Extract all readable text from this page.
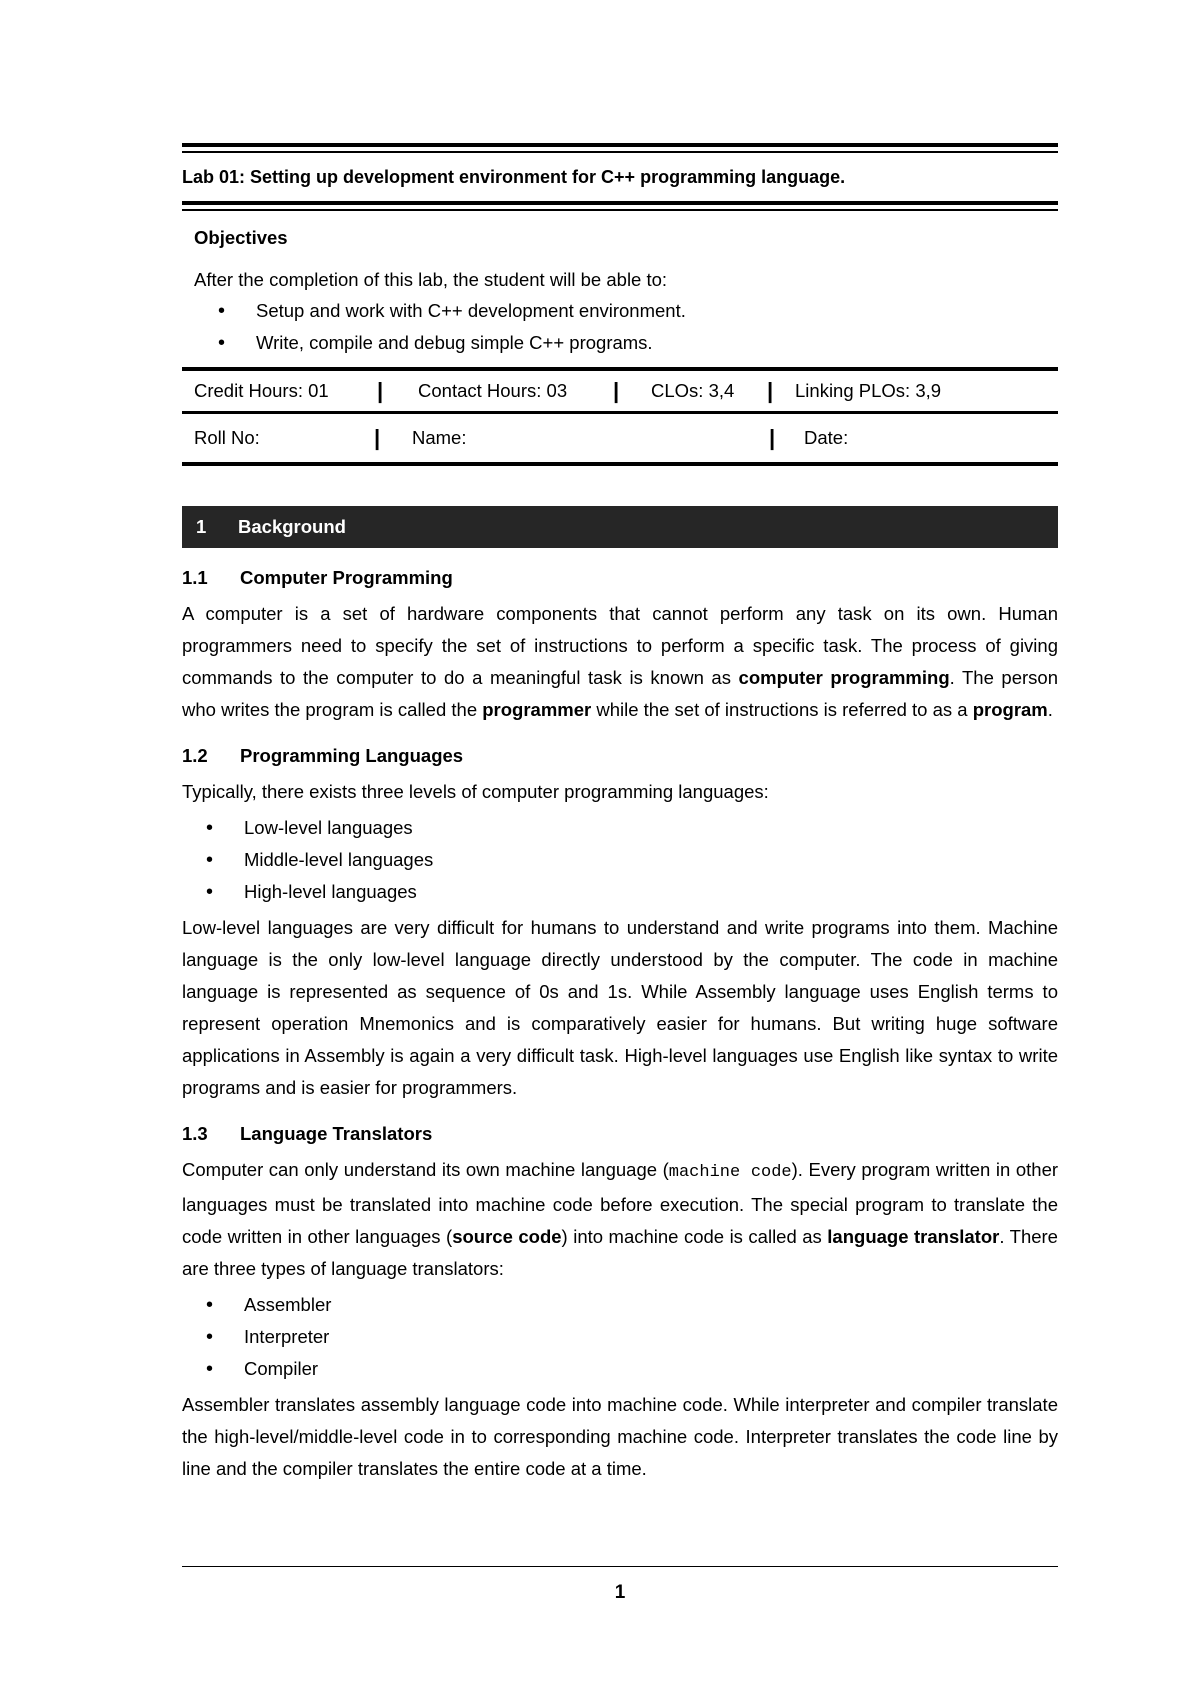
Lab 01: Setting up development environment for C++ programming language.
Objectives
After the completion of this lab, the student will be able to:
• Setup and work with C++ development environment.
• Write, compile and debug simple C++ programs.
Credit Hours: 01	|	Contact Hours: 03	|	CLOs: 3,4	|	Linking PLOs: 3,9
Roll No:	|	Name:	|	Date:
1	Background
1.1	Computer Programming

A computer is a set of hardware components that cannot perform any task on its own. Human programmers need to specify the set of instructions to perform a specific task. The process of giving commands to the computer to do a meaningful task is known as computer programming. The person who writes the program is called the programmer while the set of instructions is referred to as a program.

1.2	Programming Languages

Typically, there exists three levels of computer programming languages:

• Low-level languages
• Middle-level languages
• High-level languages

Low-level languages are very difficult for humans to understand and write programs into them. Machine language is the only low-level language directly understood by the computer. The code in machine language is represented as sequence of 0s and 1s. While Assembly language uses English terms to represent operation Mnemonics and is comparatively easier for humans. But writing huge software applications in Assembly is again a very difficult task. High-level languages use English like syntax to write programs and is easier for programmers.

1.3	Language Translators

Computer can only understand its own machine language (machine code). Every program written in other languages must be translated into machine code before execution. The special program to translate the code written in other languages (source code) into machine code is called as language translator. There are three types of language translators:

• Assembler
• Interpreter
• Compiler

Assembler translates assembly language code into machine code. While interpreter and compiler translate the high-level/middle-level code in to corresponding machine code. Interpreter translates the code line by line and the compiler translates the entire code at a time.

1
